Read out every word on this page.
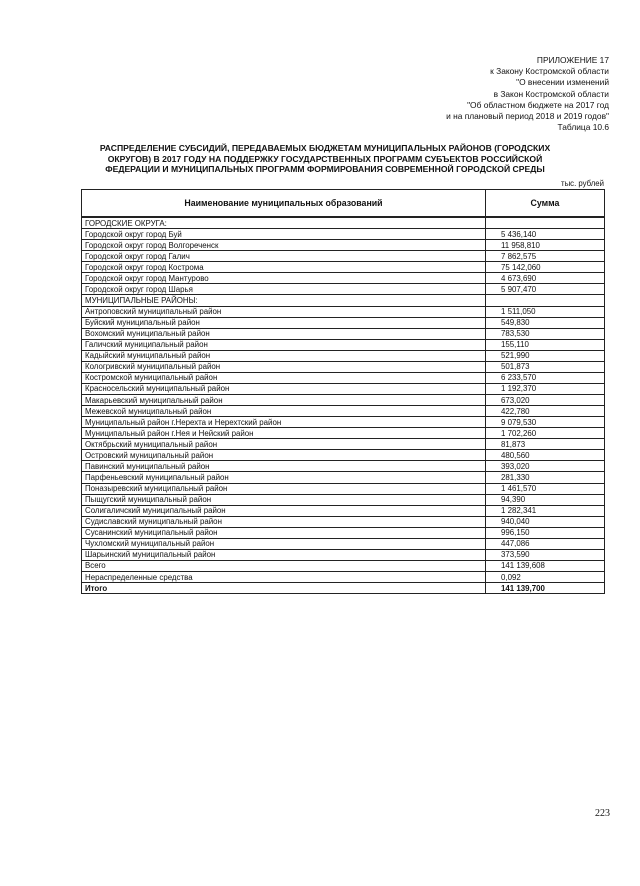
ПРИЛОЖЕНИЕ 17
к Закону Костромской области
"О внесении изменений
в Закон Костромской области
"Об областном бюджете на 2017 год
и на плановый период 2018 и 2019 годов"
Таблица 10.6
РАСПРЕДЕЛЕНИЕ СУБСИДИЙ, ПЕРЕДАВАЕМЫХ БЮДЖЕТАМ МУНИЦИПАЛЬНЫХ РАЙОНОВ (ГОРОДСКИХ ОКРУГОВ) В 2017 ГОДУ НА ПОДДЕРЖКУ ГОСУДАРСТВЕННЫХ ПРОГРАММ СУБЪЕКТОВ РОССИЙСКОЙ ФЕДЕРАЦИИ И МУНИЦИПАЛЬНЫХ ПРОГРАММ ФОРМИРОВАНИЯ СОВРЕМЕННОЙ ГОРОДСКОЙ СРЕДЫ
тыс. рублей
Наименование муниципальных образований	Сумма
ГОРОДСКИЕ ОКРУГА:	
Городской округ город Буй	5 436,140
Городской округ город Волгореченск	11 958,810
Городской округ город Галич	7 862,575
Городской округ город Кострома	75 142,060
Городской округ город Мантурово	4 673,690
Городской округ город Шарья	5 907,470
МУНИЦИПАЛЬНЫЕ РАЙОНЫ:	
Антроповский муниципальный район	1 511,050
Буйский муниципальный район	549,830
Вохомский муниципальный район	783,530
Галичский муниципальный район	155,110
Кадыйский муниципальный район	521,990
Кологривский муниципальный район	501,873
Костромской муниципальный район	6 233,570
Красносельский муниципальный район	1 192,370
Макарьевский муниципальный район	673,020
Межевской муниципальный район	422,780
Муниципальный район г.Нерехта и Нерехтский район	9 079,530
Муниципальный район г.Нея и Нейский район	1 702,260
Октябрьский муниципальный район	81,873
Островский муниципальный район	480,560
Павинский муниципальный район	393,020
Парфеньевский муниципальный район	281,330
Поназыревский муниципальный район	1 461,570
Пыщугский муниципальный район	94,390
Солигаличский муниципальный район	1 282,341
Судиславский муниципальный район	940,040
Сусанинский муниципальный район	996,150
Чухломский муниципальный район	447,086
Шарьинский муниципальный район	373,590
Всего	141 139,608
Нераспределенные средства	0,092
Итого	141 139,700
223
